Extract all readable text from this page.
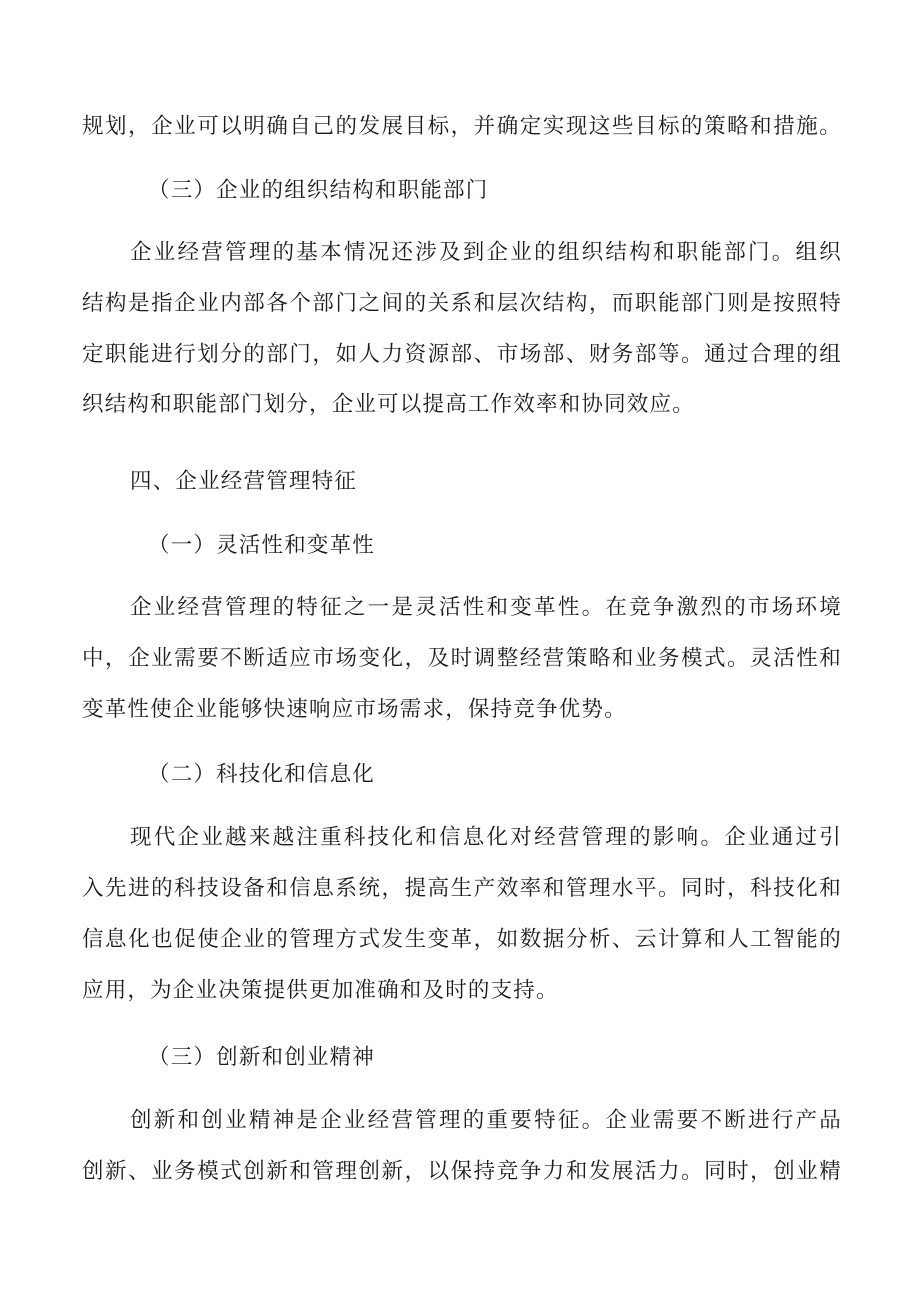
规划，企业可以明确自己的发展目标，并确定实现这些目标的策略和措施。
（三）企业的组织结构和职能部门
企业经营管理的基本情况还涉及到企业的组织结构和职能部门。组织
结构是指企业内部各个部门之间的关系和层次结构，而职能部门则是按照特
定职能进行划分的部门，如人力资源部、市场部、财务部等。通过合理的组
织结构和职能部门划分，企业可以提高工作效率和协同效应。
四、企业经营管理特征
（一）灵活性和变革性
企业经营管理的特征之一是灵活性和变革性。在竞争激烈的市场环境
中，企业需要不断适应市场变化，及时调整经营策略和业务模式。灵活性和
变革性使企业能够快速响应市场需求，保持竞争优势。
（二）科技化和信息化
现代企业越来越注重科技化和信息化对经营管理的影响。企业通过引
入先进的科技设备和信息系统，提高生产效率和管理水平。同时，科技化和
信息化也促使企业的管理方式发生变革，如数据分析、云计算和人工智能的
应用，为企业决策提供更加准确和及时的支持。
（三）创新和创业精神
创新和创业精神是企业经营管理的重要特征。企业需要不断进行产品
创新、业务模式创新和管理创新，以保持竞争力和发展活力。同时，创业精
